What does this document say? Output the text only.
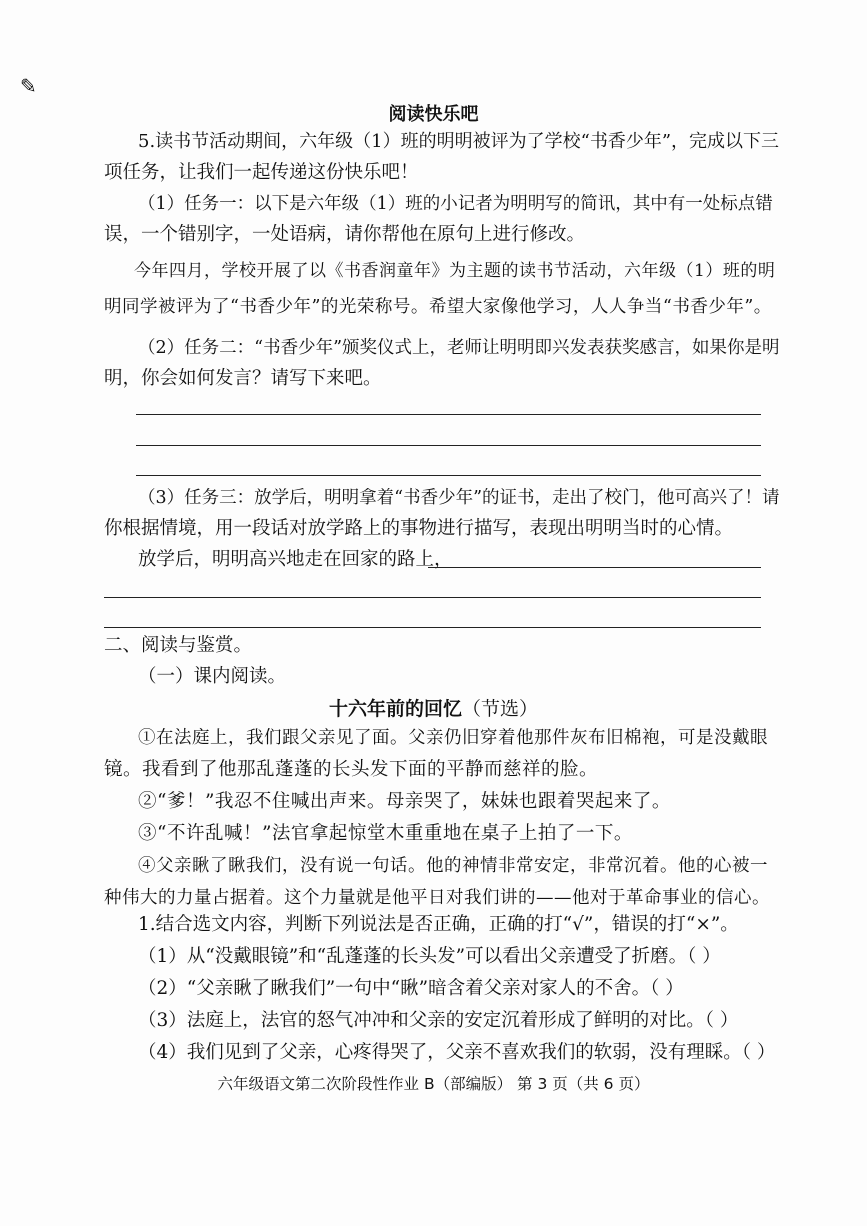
✎
阅读快乐吧
5.读书节活动期间，六年级（1）班的明明被评为了学校“书香少年”，完成以下三
项任务，让我们一起传递这份快乐吧！
（1）任务一：以下是六年级（1）班的小记者为明明写的简讯，其中有一处标点错
误，一个错别字，一处语病，请你帮他在原句上进行修改。
今年四月，学校开展了以《书香润童年》为主题的读书节活动，六年级（1）班的明
明同学被评为了“书香少年”的光荣称号。希望大家像他学习，人人争当“书香少年”。
（2）任务二：“书香少年”颁奖仪式上，老师让明明即兴发表获奖感言，如果你是明
明，你会如何发言？请写下来吧。
（3）任务三：放学后，明明拿着“书香少年”的证书，走出了校门，他可高兴了！请
你根据情境，用一段话对放学路上的事物进行描写，表现出明明当时的心情。
放学后，明明高兴地走在回家的路上，
二、阅读与鉴赏。
（一）课内阅读。
十六年前的回忆（节选）
①在法庭上，我们跟父亲见了面。父亲仍旧穿着他那件灰布旧棉袍，可是没戴眼
镜。我看到了他那乱蓬蓬的长头发下面的平静而慈祥的脸。
②“爹！”我忍不住喊出声来。母亲哭了，妹妹也跟着哭起来了。
③“不许乱喊！”法官拿起惊堂木重重地在桌子上拍了一下。
④父亲瞅了瞅我们，没有说一句话。他的神情非常安定，非常沉着。他的心被一
种伟大的力量占据着。这个力量就是他平日对我们讲的——他对于革命事业的信心。
1.结合选文内容，判断下列说法是否正确，正确的打“√”，错误的打“×”。
（1）从“没戴眼镜”和“乱蓬蓬的长头发”可以看出父亲遭受了折磨。（ ）
（2）“父亲瞅了瞅我们”一句中“瞅”暗含着父亲对家人的不舍。（ ）
（3）法庭上，法官的怒气冲冲和父亲的安定沉着形成了鲜明的对比。（ ）
（4）我们见到了父亲，心疼得哭了，父亲不喜欢我们的软弱，没有理睬。（ ）
六年级语文第二次阶段性作业 B（部编版） 第 3 页（共 6 页）
